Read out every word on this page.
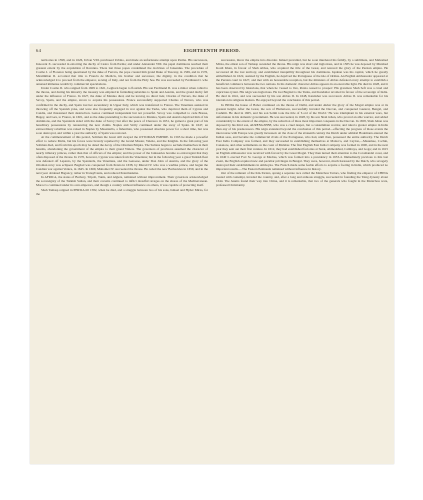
64	EIGHTEENTH PERIOD.

territories in 1598, and in 1626, Urban VIII. purchased Urbino, and made an unfortunate attempt upon Parma. His successors, Innocent X. succeeded in extorting the duchy of Castro from Parma; and under Alexander VIII. the papal dominions reached their greatest extent by the acquisition of Ravenna. There last three popes condemned the doctrines of Jansenius. The procedure of Cosmo I. of Florence being questioned by the duke of Ferrara, the pope created him grand Duke of Tuscany, in 1569, and in 1576, Maximilian II. accorded that title to Francis de Medicis, his brother and successor, the dignity, in the condition that he acknowledged it to proceed from the emperor, as king of Italy, and not from the Holy See. He was succeeded by Ferdinand I. who annexed immense wealth by commercial speculations.

Under Cosmo II. who reigned from 1609 to 1621, Leghorn began to flourish. His son Ferdinand II. was a minor when called to the throne, and during his minority the treasury was emptied in furnishing subsidies to Spain and Austria, and the grand duchy fell under the influence of France. In 1627, the duke of Mantua died, and he leaving no direct heir, Charles of Nevers, the duke of Savoy, Spain, and the empire, strove to acquire his possessions. France successfully supported Charles of Nevers, who was confirmed in the duchy, and Spain lost her ascendancy in Upper Italy, which was transferred to France. The Venetians assisted in throwing off the Spanish yoke, and were also frequently engaged in war against the Turks, who deprived them of Cyprus and Candia, and threatened their destruction. Genoa continued independent but not powerful. Savoy was compelled to cede Bresse, Bugey, and Gex, to France, in 1601, and as the duke pretending to the succession to Mantua, Spain and Austria deprived him of his dominions, and the Spaniards sided with the duke of Savoy; but after the peace of Cherasco in 1631, he gained a great part of his hereditary possessions by renouncing the new claims. Naples and Sicily continued under the sway of Spain. In 1647, an extraordinary rebellion was raised in Naples by Masaniello, a fisherman, who possessed absolute power for a short time, but was soon destroyed, and within a year the authority of Spain was restored.

At the commencement of this period, Soliman the Great still swayed the OTTOMAN EMPIRE. In 1565 he made a powerful effort to reduce Malta, but his forces were bravely repulsed by the Grand Master, Valette, and the Knights. In the following year Soliman died, and from this epoch may be dated the decay of the Ottoman Empire. The Sultans began to seclude themselves in their harems, abandoning the government of the empire to their grand Viziers. The governors of provinces assumed the character of nearly tributary princes, rather than that of officers of the empire; and the power of the Janissaries became so extravagant that they often disposed of the throne. In 1570, however, Cyprus was taken from the Venetians; but in the following year a great Turkish fleet was defeated off Lepanto, by the Spaniards, the Venetians, and the Genoese, under Don John of Austria, and the glory of the Ottoman navy was eclipsed. Bagdad was conquered from Persia in 1638, by Murad IV. who was a warlike prince, and begun the Candian war against Venice, in 1645. In 1669, Mahomet IV. succeeded the throne. He ceded the new Barbacules in 1659, and in the next year obtained Bagoncy, rather in Transylvania, and reduced Petermaskina.

In AFRICA, the states of Barbary, Tripoli, Tunis, and Algiers, remained without improvement. Their governors acknowledged the sovereignty of the Turkish Sultan, and their corsairs continued to inflict dreadful ravages on the shores of the Mediterranean. Morocco continued under its own emperors, and though a country without influence on others, it was capable of protecting itself.

Shah Tamasp reigned in PERSIA till 1582, when he died, and a struggle between two of his sons, Ismael and Hyder Mirza, for the

succession, threw the empire into disorder. Ismael prevailed, but he soon murdered his family, by a sublimate, and Mahomed Mirza, the eldest son of Tamasp ascended the throne. His reign was short and inglorious, and in 1585 he was deposed by Murshed Kouli Khan, in favour of Shah Abbas, who acquired the title of the Great, and restored the glory of the Persian empire. He recovered all the lost territory, and established tranquillity throughout his dominions. Ispahan was his capital, which he greatly embellished. In 1622, assisted by the English, he deprived the Portuguese of the isle of Ormus. An English Ambassador appeared at the Persian court in 1627, and met with an honourable reception, but the ministers of Abbas defeated every attempt to establish a beneficial commerce between the two nations. In his domestic character Abbas appears in an execrable light. He died in 1628, and it has been observed by historians, that when he 'ceased to live, Persia ceased to prosper.' His grandson Shah Sefi was a cruel and capricious tyrant. His reign was inglorious. He lost Bagdad to the Turks, and Kandahar revolted in favour of the sovereign of India. He died in 1641, and was succeeded by his son Abbas II. In 1648, Kandahar was recovered. Abbas II. was remarkable for his toleration in religious matters. He enjoyed beyond the conclusion of this period.

In INDIA the house of Baber continued on the throne of Delhi, and under Akbar the glory of the Mogul empire was at its greatest height. After the Great, the son of Humaioon, successfully invaded the Deccan, and conquered Guzerat, Bengal, and Cashmir. He died in 1605, and his son Selim took the title of 'Lord of the World.' He was triumphant in his external wars, but unfortunate in his domestic government. He was succeeded, in 1628, by his son Shah Jehan, who proved an able warrior, and added considerably to the extent of the empire, by the reduction of three most important conquests in the Deccan. In 1658, Shah Jehan was deposed by his third son, AURENGZEBE, who was a cruel despot, but a consummate warrior, and ruled a greater empire in India than any of his predecessors. His reign extended beyond the conclusion of this period—effecting the progress of those events the intercourse with Europe was greatly increased. At the close of the sixteenth century the Dutch under admiral Houtmann entered the Indian seas, and became the commercial rivals of the Portuguese, who had, until then, possessed the entire authority. The Dutch East India Company was formed, and they succeeded in establishing themselves at Malacca, and Ceylon,—Masumee, Cochin, Cananore, and other settlements on the coast of Malabar. The first English East India Company was formed in 1600, and in the next year they sent out their first venture. In 1612, they had established factories at Surat, Ahmedabad, Cambaya, and Goga; and in 1615 an English ambassador was received with favour by the Great Mogul. They then turned their attention to the Coromandel coast, and in 1640 L erected Fort St. George at Madras, which was formed into a presidency in 1653-4. Immediately previous to this last event, the English acquired new and peculiar privileges in Bengal. They were, however, much harassed by the Dutch, who savagely destroyed their establishments in Amboyna. The French made some feeble efforts to acquire a footing in India, which produced no important results.—The Eastern Peninsula remained without influence in history.

Out of the remnant of the Kin-Tartars, sprang a separate race called the Mantchou Tartars, who finding the emperor of CHINA treated with contempt, invaded the country, and, after a long and arduous struggle, succeeded in founding the Tsing dynasty about 1644. The Jesuits found their way into China, and it is remarkable, that two of the generals who fought in the Mantchou wars, professed Christianity.
